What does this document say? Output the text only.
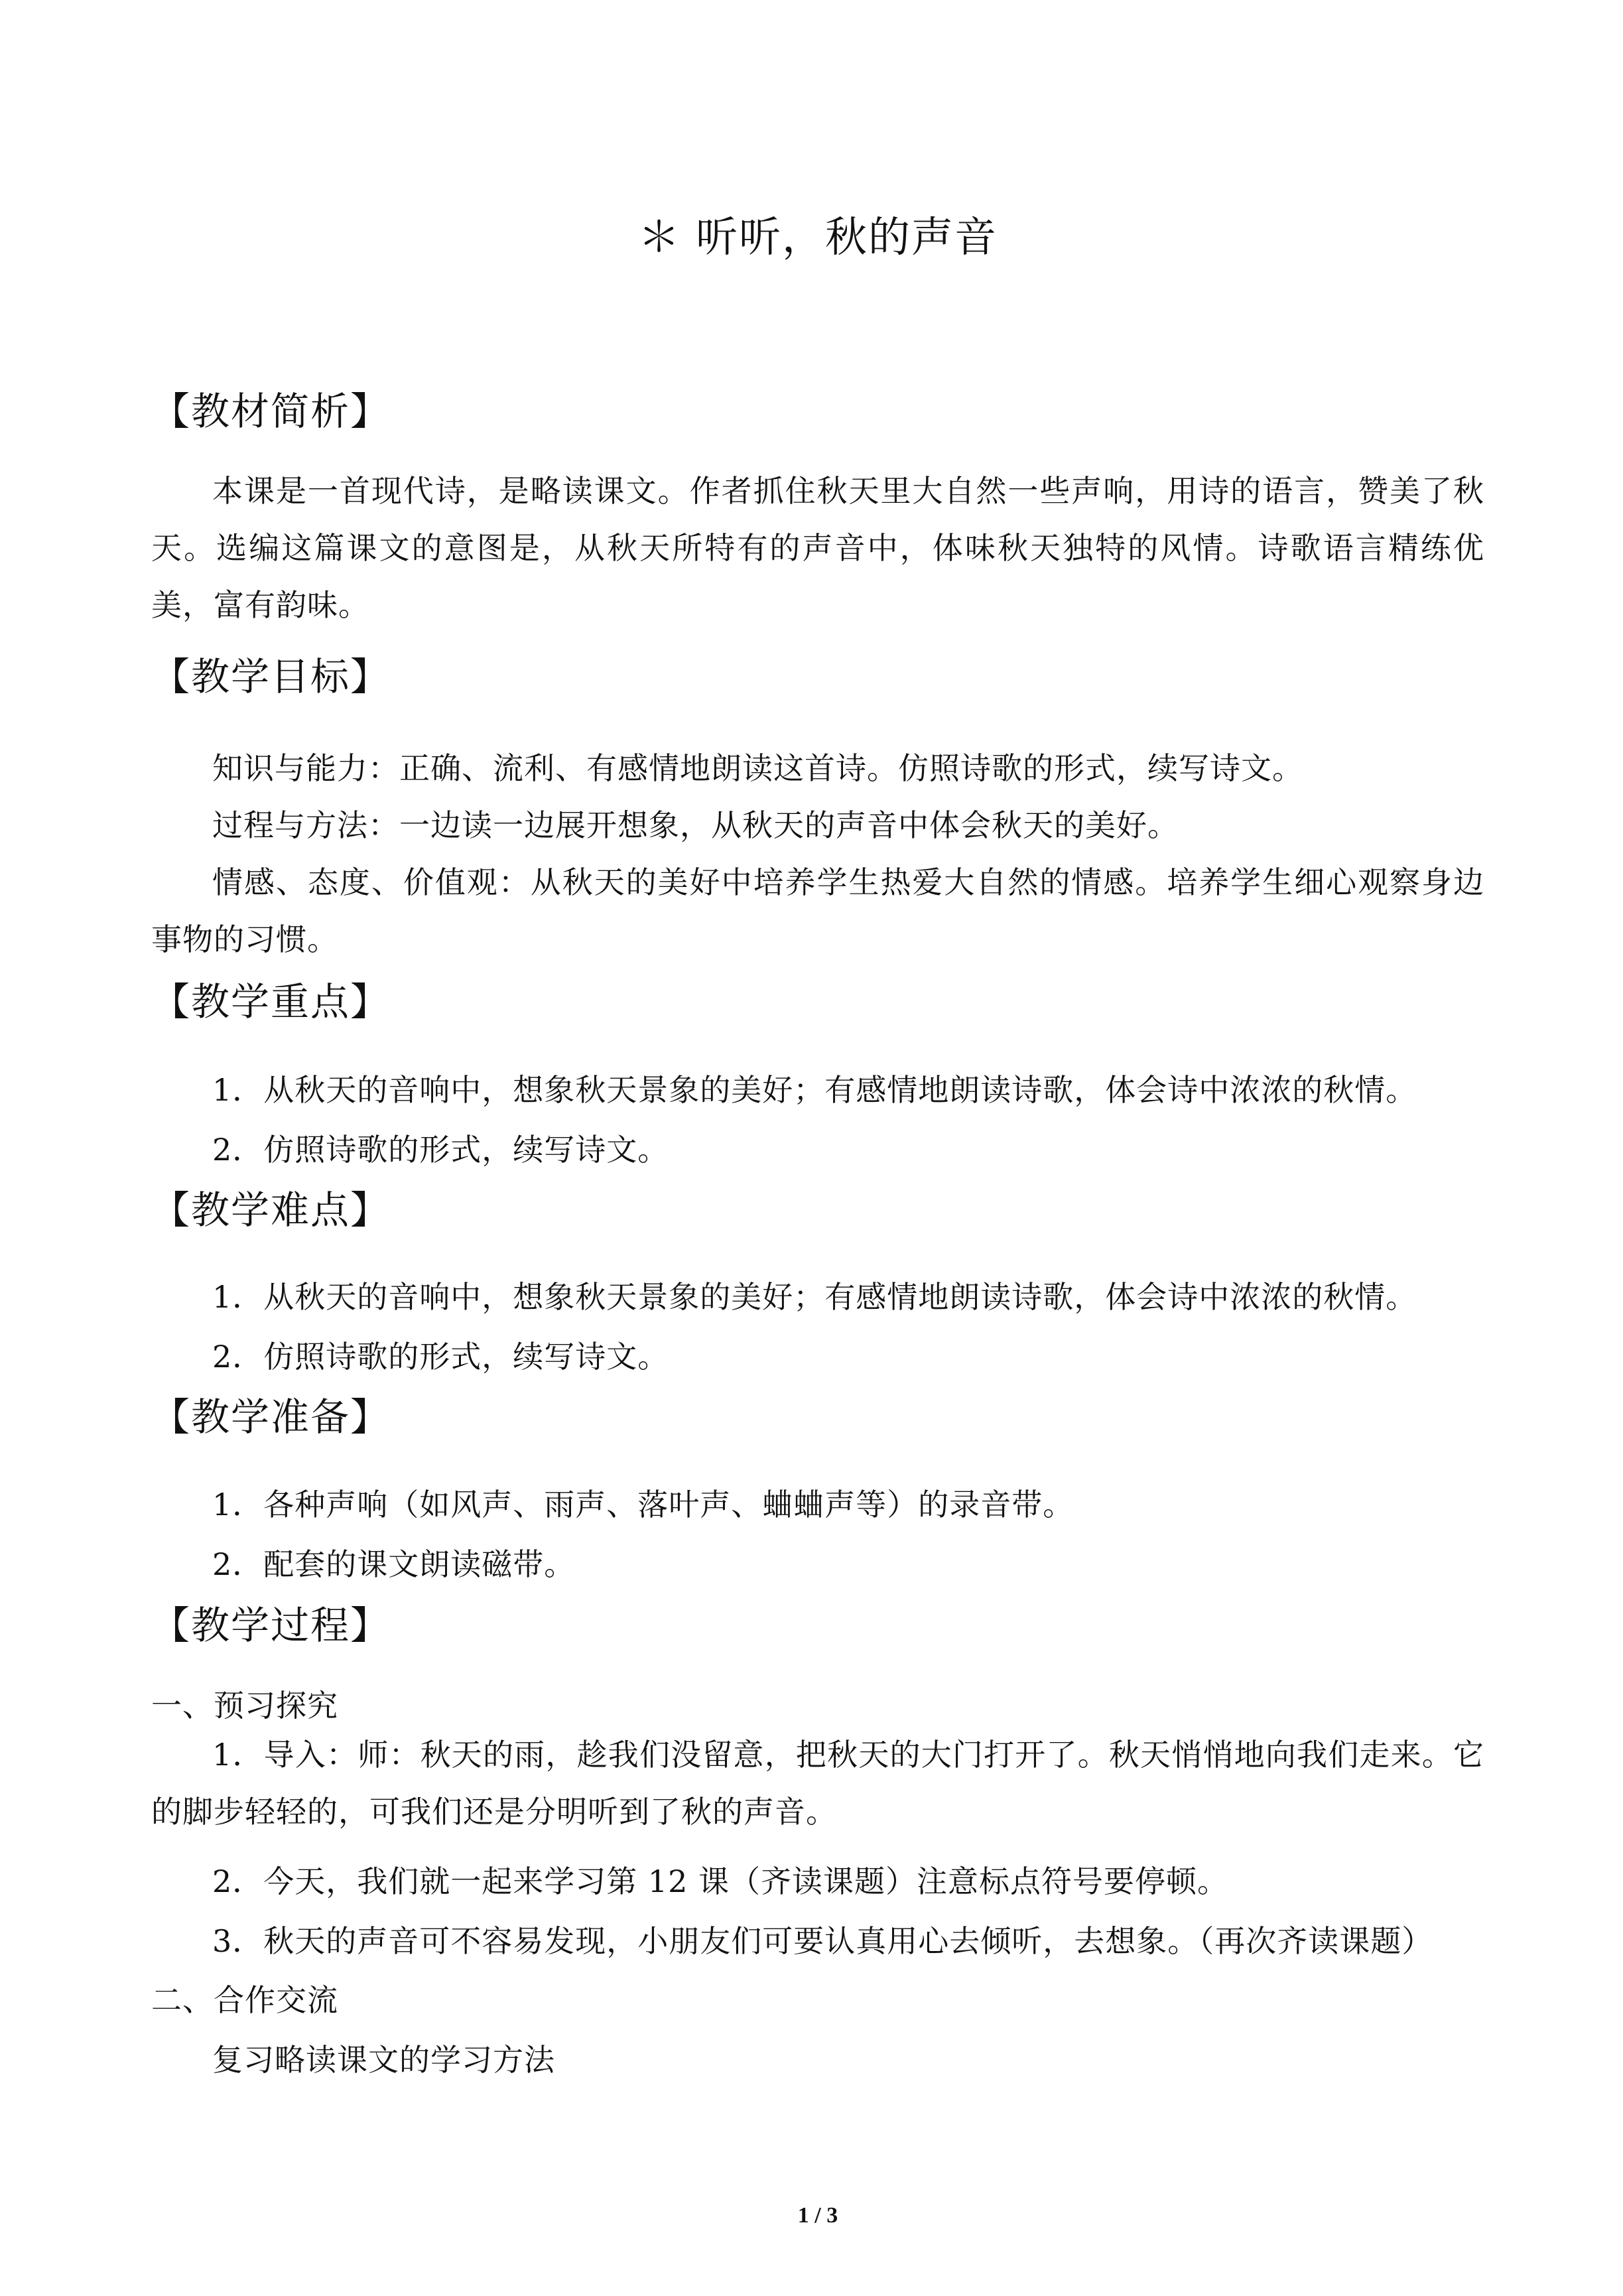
＊ 听听，秋的声音
【教材简析】
本课是一首现代诗，是略读课文。作者抓住秋天里大自然一些声响，用诗的语言，赞美了秋天。选编这篇课文的意图是，从秋天所特有的声音中，体味秋天独特的风情。诗歌语言精练优美，富有韵味。
【教学目标】
知识与能力：正确、流利、有感情地朗读这首诗。仿照诗歌的形式，续写诗文。
过程与方法：一边读一边展开想象，从秋天的声音中体会秋天的美好。
情感、态度、价值观：从秋天的美好中培养学生热爱大自然的情感。培养学生细心观察身边事物的习惯。
【教学重点】
1．从秋天的音响中，想象秋天景象的美好；有感情地朗读诗歌，体会诗中浓浓的秋情。
2．仿照诗歌的形式，续写诗文。
【教学难点】
1．从秋天的音响中，想象秋天景象的美好；有感情地朗读诗歌，体会诗中浓浓的秋情。
2．仿照诗歌的形式，续写诗文。
【教学准备】
1．各种声响（如风声、雨声、落叶声、蛐蛐声等）的录音带。
2．配套的课文朗读磁带。
【教学过程】
一、预习探究
1．导入：师：秋天的雨，趁我们没留意，把秋天的大门打开了。秋天悄悄地向我们走来。它的脚步轻轻的，可我们还是分明听到了秋的声音。
2．今天，我们就一起来学习第 12 课（齐读课题）注意标点符号要停顿。
3．秋天的声音可不容易发现，小朋友们可要认真用心去倾听，去想象。（再次齐读课题）
二、合作交流
复习略读课文的学习方法
1 / 3
